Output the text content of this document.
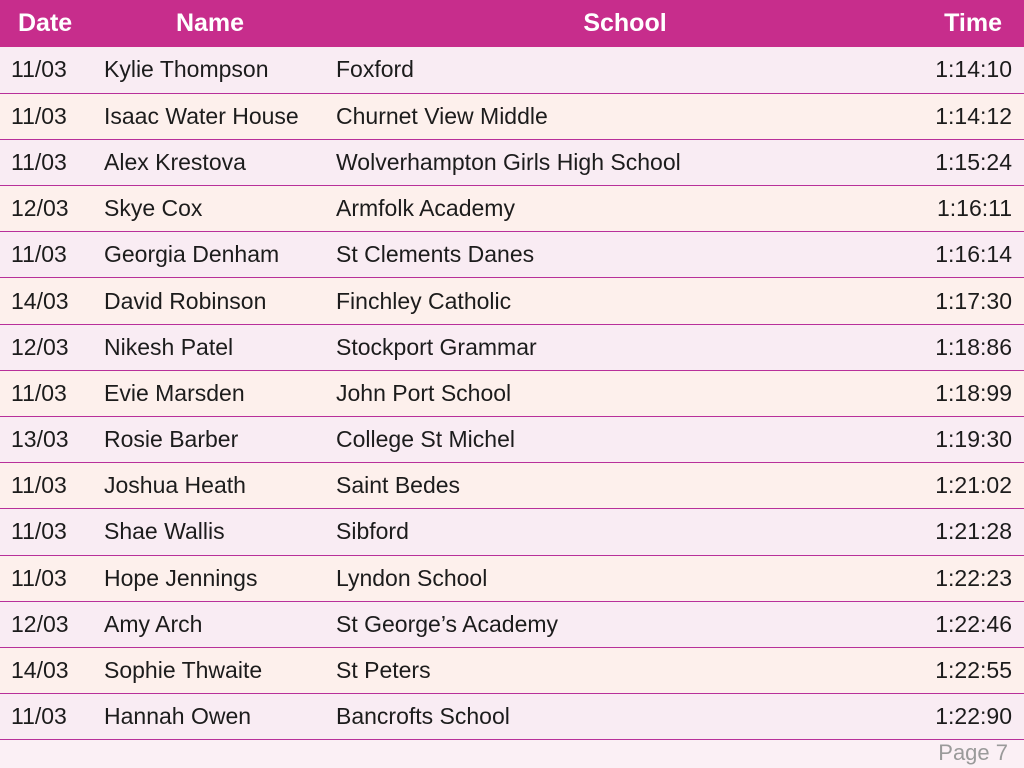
Date	Name	School	Time
11/03	Kylie Thompson	Foxford	1:14:10
11/03	Isaac Water House	Churnet View Middle	1:14:12
11/03	Alex Krestova	Wolverhampton Girls High School	1:15:24
12/03	Skye Cox	Armfolk Academy	1:16:11
11/03	Georgia Denham	St Clements Danes	1:16:14
14/03	David Robinson	Finchley Catholic	1:17:30
12/03	Nikesh Patel	Stockport Grammar	1:18:86
11/03	Evie Marsden	John Port School	1:18:99
13/03	Rosie Barber	College St Michel	1:19:30
11/03	Joshua Heath	Saint Bedes	1:21:02
11/03	Shae Wallis	Sibford	1:21:28
11/03	Hope Jennings	Lyndon School	1:22:23
12/03	Amy Arch	St George’s Academy	1:22:46
14/03	Sophie Thwaite	St Peters	1:22:55
11/03	Hannah Owen	Bancrofts School	1:22:90
Page 7
